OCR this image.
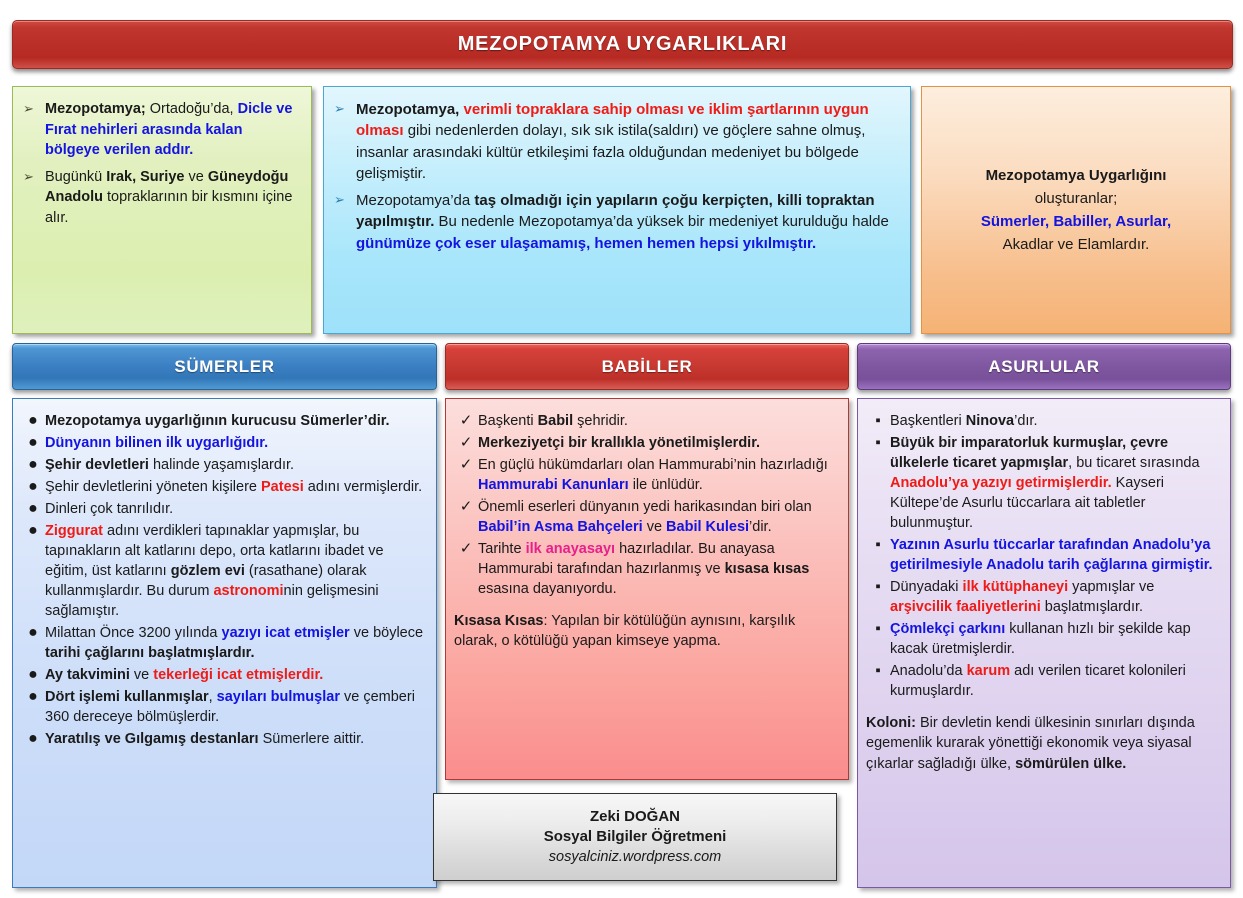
MEZOPOTAMYA UYGARLIKLARI
➢ Mezopotamya; Ortadoğu’da, Dicle ve Fırat nehirleri arasında kalan bölgeye verilen addır.
➢ Bugünkü Irak, Suriye ve Güneydoğu Anadolu topraklarının bir kısmını içine alır.
➢ Mezopotamya, verimli topraklara sahip olması ve iklim şartlarının uygun olması gibi nedenlerden dolayı, sık sık istila(saldırı) ve göçlere sahne olmuş, insanlar arasındaki kültür etkileşimi fazla olduğundan medeniyet bu bölgede gelişmiştir.
➢ Mezopotamya’da taş olmadığı için yapıların çoğu kerpiçten, killi topraktan yapılmıştır. Bu nedenle Mezopotamya’da yüksek bir medeniyet kurulduğu halde günümüze çok eser ulaşamamış, hemen hemen hepsi yıkılmıştır.
Mezopotamya Uygarlığını
oluşturanlar;
Sümerler, Babiller, Asurlar,
Akadlar ve Elamlardır.
SÜMERLER
● Mezopotamya uygarlığının kurucusu Sümerler’dir.
● Dünyanın bilinen ilk uygarlığıdır.
● Şehir devletleri halinde yaşamışlardır.
● Şehir devletlerini yöneten kişilere Patesi adını vermişlerdir.
● Dinleri çok tanrılıdır.
● Ziggurat adını verdikleri tapınaklar yapmışlar, bu tapınakların alt katlarını depo, orta katlarını ibadet ve eğitim, üst katlarını gözlem evi (rasathane) olarak kullanmışlardır. Bu durum astronominin gelişmesini sağlamıştır.
● Milattan Önce 3200 yılında yazıyı icat etmişler ve böylece tarihi çağlarını başlatmışlardır.
● Ay takvimini ve tekerleği icat etmişlerdir.
● Dört işlemi kullanmışlar, sayıları bulmuşlar ve çemberi 360 dereceye bölmüşlerdir.
● Yaratılış ve Gılgamış destanları Sümerlere aittir.
BABİLLER
✓ Başkenti Babil şehridir.
✓ Merkeziyetçi bir krallıkla yönetilmişlerdir.
✓ En güçlü hükümdarları olan Hammurabi’nin hazırladığı Hammurabi Kanunları ile ünlüdür.
✓ Önemli eserleri dünyanın yedi harikasından biri olan Babil’in Asma Bahçeleri ve Babil Kulesi’dir.
✓ Tarihte ilk anayasayı hazırladılar. Bu anayasa Hammurabi tarafından hazırlanmış ve kısasa kısas esasına dayanıyordu.
Kısasa Kısas: Yapılan bir kötülüğün aynısını, karşılık olarak, o kötülüğü yapan kimseye yapma.
ASURLULAR
▪ Başkentleri Ninova’dır.
▪ Büyük bir imparatorluk kurmuşlar, çevre ülkelerle ticaret yapmışlar, bu ticaret sırasında Anadolu’ya yazıyı getirmişlerdir. Kayseri Kültepe’de Asurlu tüccarlara ait tabletler bulunmuştur.
▪ Yazının Asurlu tüccarlar tarafından Anadolu’ya getirilmesiyle Anadolu tarih çağlarına girmiştir.
▪ Dünyadaki ilk kütüphaneyi yapmışlar ve arşivcilik faaliyetlerini başlatmışlardır.
▪ Çömlekçi çarkını kullanan hızlı bir şekilde kap kacak üretmişlerdir.
▪ Anadolu’da karum adı verilen ticaret kolonileri kurmuşlardır.
Koloni: Bir devletin kendi ülkesinin sınırları dışında egemenlik kurarak yönettiği ekonomik veya siyasal çıkarlar sağladığı ülke, sömürülen ülke.
Zeki DOĞAN
Sosyal Bilgiler Öğretmeni
sosyalciniz.wordpress.com
